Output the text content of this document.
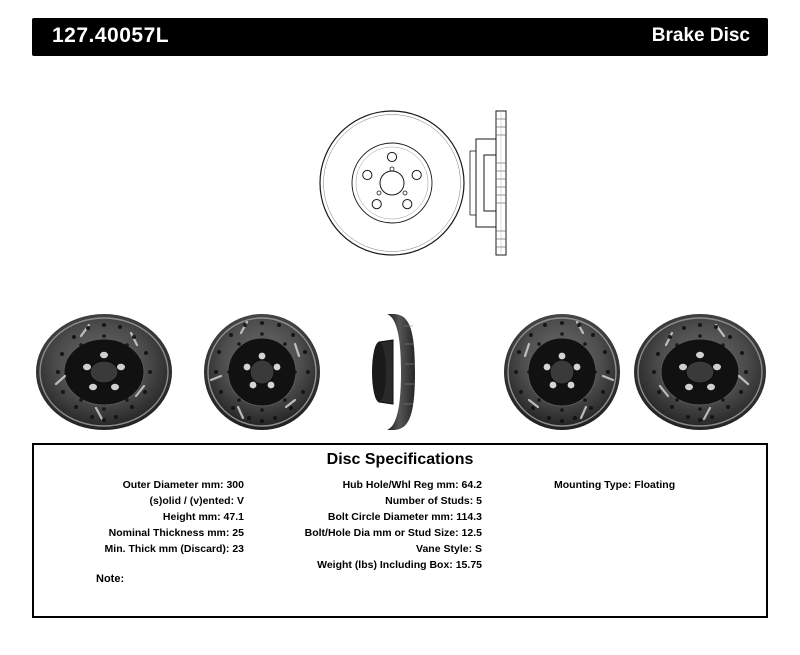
127.40057L	Brake Disc
Disc Specifications
Outer Diameter mm: 300
(s)olid / (v)ented: V
Height mm: 47.1
Nominal Thickness mm: 25
Min. Thick mm (Discard): 23
Hub Hole/Whl Reg mm: 64.2
Number of Studs: 5
Bolt Circle Diameter mm: 114.3
Bolt/Hole Dia mm or Stud Size: 12.5
Vane Style: S
Weight (lbs) Including Box: 15.75
Mounting Type: Floating
Note:
